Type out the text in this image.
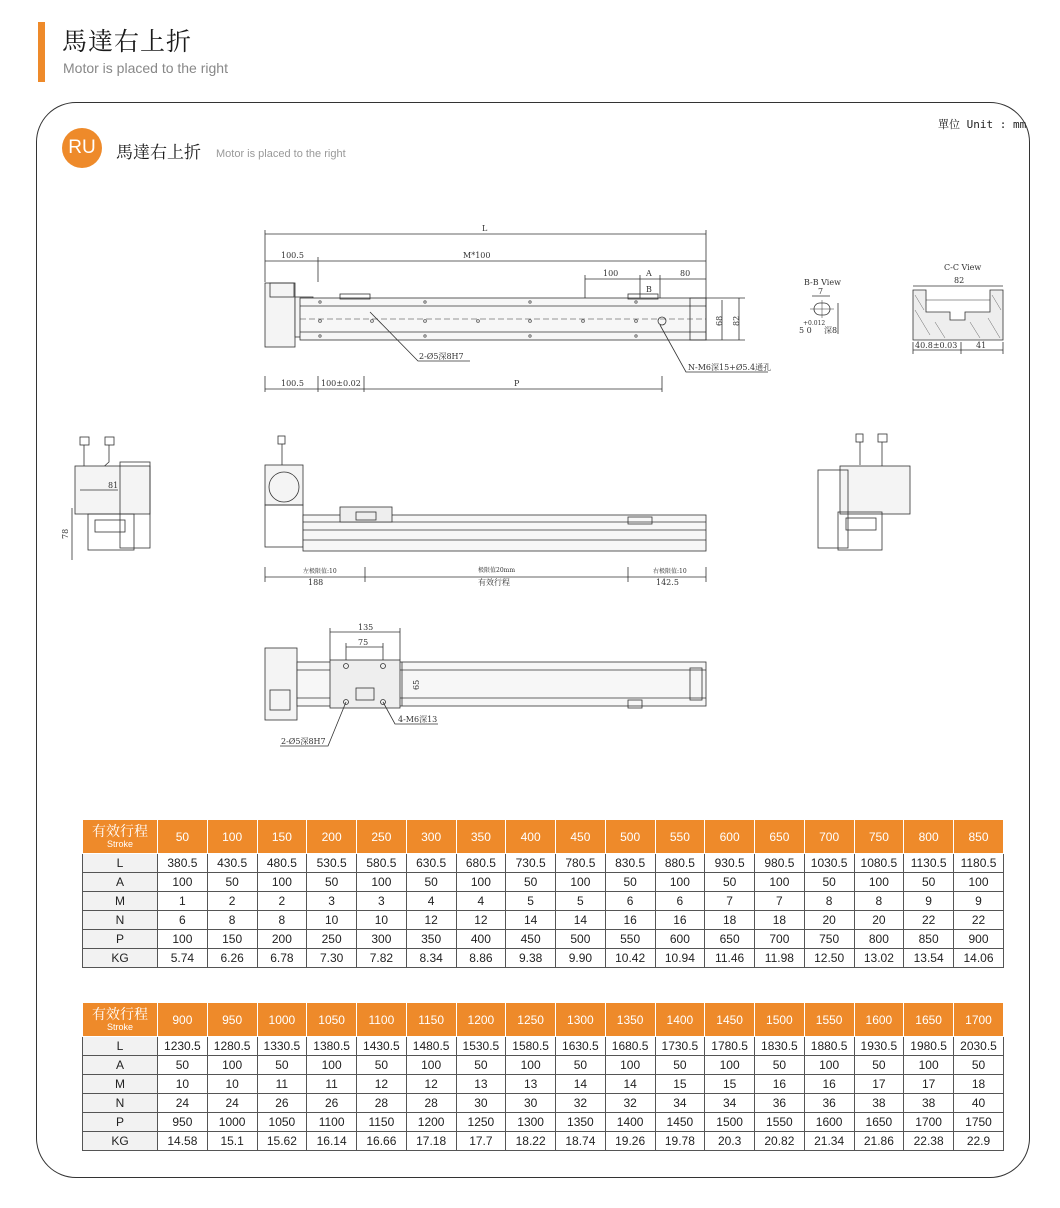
馬達右上折
Motor is placed to the right
單位 Unit : mm
RU	馬達右上折 Motor is placed to the right
L
100.5	M*100
100	A	80
B
68 82
2-Ø5深8H7
N-M6深15+Ø5.4通孔
100.5 100±0.02	P
B-B View
7
+0.012
5 0 深8
C-C View
82
40.8±0.03 41
81
78
左极限值:10	极限值20mm	右极限值:10
188	有效行程	142.5
135
75
65
4-M6深13
2-Ø5深8H7
有效行程
Stroke	50	100	150	200	250	300	350	400	450	500	550	600	650	700	750	800	850
L	380.5	430.5	480.5	530.5	580.5	630.5	680.5	730.5	780.5	830.5	880.5	930.5	980.5	1030.5	1080.5	1130.5	1180.5
A	100	50	100	50	100	50	100	50	100	50	100	50	100	50	100	50	100
M	1	2	2	3	3	4	4	5	5	6	6	7	7	8	8	9	9
N	6	8	8	10	10	12	12	14	14	16	16	18	18	20	20	22	22
P	100	150	200	250	300	350	400	450	500	550	600	650	700	750	800	850	900
KG	5.74	6.26	6.78	7.30	7.82	8.34	8.86	9.38	9.90	10.42	10.94	11.46	11.98	12.50	13.02	13.54	14.06
有效行程
Stroke	900	950	1000	1050	1100	1150	1200	1250	1300	1350	1400	1450	1500	1550	1600	1650	1700
L	1230.5	1280.5	1330.5	1380.5	1430.5	1480.5	1530.5	1580.5	1630.5	1680.5	1730.5	1780.5	1830.5	1880.5	1930.5	1980.5	2030.5
A	50	100	50	100	50	100	50	100	50	100	50	100	50	100	50	100	50
M	10	10	11	11	12	12	13	13	14	14	15	15	16	16	17	17	18
N	24	24	26	26	28	28	30	30	32	32	34	34	36	36	38	38	40
P	950	1000	1050	1100	1150	1200	1250	1300	1350	1400	1450	1500	1550	1600	1650	1700	1750
KG	14.58	15.1	15.62	16.14	16.66	17.18	17.7	18.22	18.74	19.26	19.78	20.3	20.82	21.34	21.86	22.38	22.9
